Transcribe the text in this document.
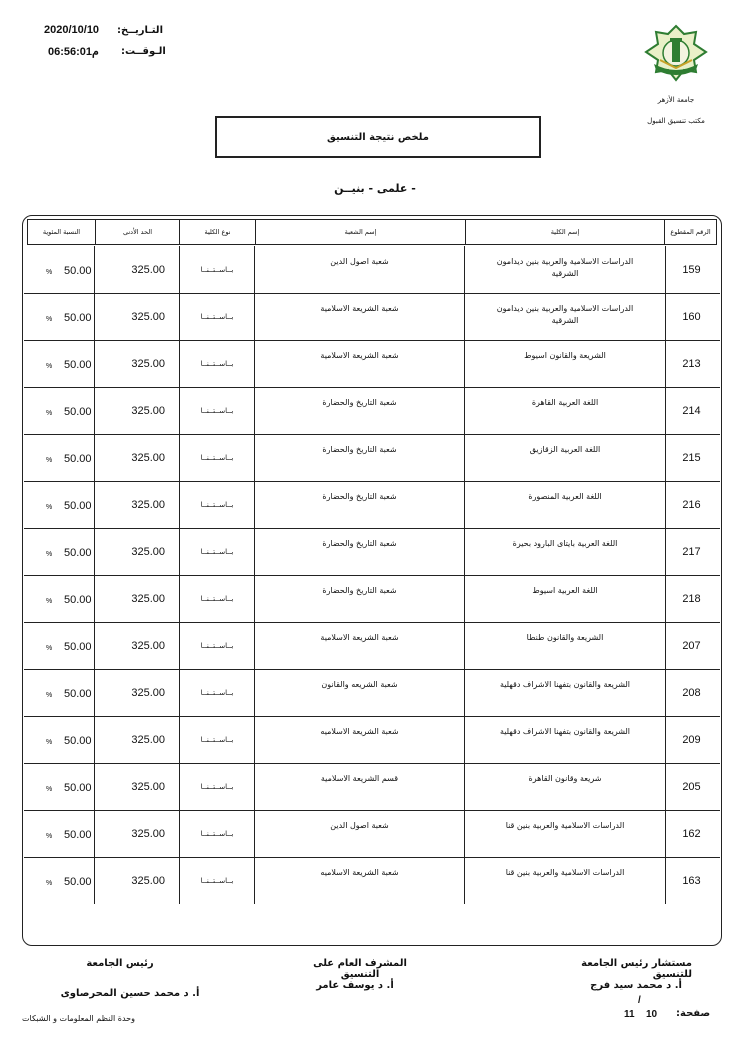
2020/10/10 التـاريــخ:
06:56:01م الـوقــت:
جامعة الأزهر
مكتب تنسيق القبول
ملخص نتيجة التنسيق
- علمى - بنيــن
الرقم المقطوع
إسم الكلية
إسم الشعبة
نوع الكلية
الحد الأدنى
النسبة المئوية
159
الدراسات الاسلامية والعربية بنين ديدامون الشرقية
شعبة اصول الدين
بــاســتــنــا
325.00
50.00
%
160
الدراسات الاسلامية والعربية بنين ديدامون الشرقية
شعبة الشريعة الاسلامية
بــاســتــنــا
325.00
50.00
%
213
الشريعة والقانون اسيوط
شعبة الشريعة الاسلامية
بــاســتــنــا
325.00
50.00
%
214
اللغة العربية القاهرة
شعبة التاريخ والحضارة
بــاســتــنــا
325.00
50.00
%
215
اللغة العربية الزقازيق
شعبة التاريخ والحضارة
بــاســتــنــا
325.00
50.00
%
216
اللغة العربية المنصورة
شعبة التاريخ والحضارة
بــاســتــنــا
325.00
50.00
%
217
اللغة العربية بايتاى البارود بحيرة
شعبة التاريخ والحضارة
بــاســتــنــا
325.00
50.00
%
218
اللغة العربية اسيوط
شعبة التاريخ والحضارة
بــاســتــنــا
325.00
50.00
%
207
الشريعة والقانون طنطا
شعبة الشريعة الاسلامية
بــاســتــنــا
325.00
50.00
%
208
الشريعة والقانون بتفهنا الاشراف دقهلية
شعبة الشريعه والقانون
بــاســتــنــا
325.00
50.00
%
209
الشريعة والقانون بتفهنا الاشراف دقهلية
شعبة الشريعة الاسلاميه
بــاســتــنــا
325.00
50.00
%
205
شريعة وقانون القاهرة
قسم الشريعة الاسلامية
بــاســتــنــا
325.00
50.00
%
162
الدراسات الاسلامية والعربية بنين قنا
شعبة اصول الدين
بــاســتــنــا
325.00
50.00
%
163
الدراسات الاسلامية والعربية بنين قنا
شعبة الشريعة الاسلاميه
بــاســتــنــا
325.00
50.00
%
مستشار رئيس الجامعة للتنسيق
أ. د محمد سيد فرج
المشرف العام على التنسيق
أ. د يوسف عامر
رئيس الجامعة
أ. د محمد حسين المحرصاوى
/
صفحة:
10
11
وحدة النظم المعلومات و الشبكات
